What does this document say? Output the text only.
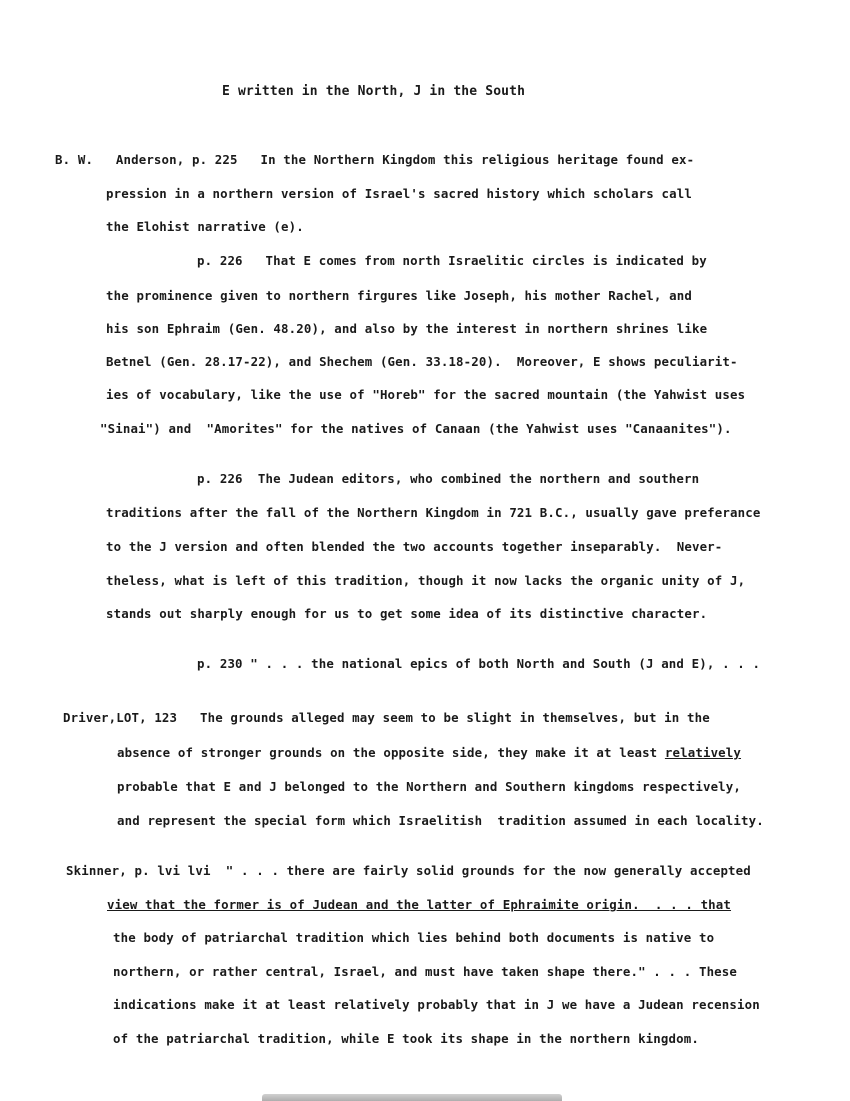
E written in the North, J in the South
B. W.   Anderson, p. 225   In the Northern Kingdom this religious heritage found ex-
pression in a northern version of Israel's sacred history which scholars call
the Elohist narrative (e).
p. 226   That E comes from north Israelitic circles is indicated by
the prominence given to northern firgures like Joseph, his mother Rachel, and
his son Ephraim (Gen. 48.20), and also by the interest in northern shrines like
Betnel (Gen. 28.17-22), and Shechem (Gen. 33.18-20).  Moreover, E shows peculiarit-
ies of vocabulary, like the use of "Horeb" for the sacred mountain (the Yahwist uses
"Sinai") and  "Amorites" for the natives of Canaan (the Yahwist uses "Canaanites").
p. 226  The Judean editors, who combined the northern and southern
traditions after the fall of the Northern Kingdom in 721 B.C., usually gave preferance
to the J version and often blended the two accounts together inseparably.  Never-
theless, what is left of this tradition, though it now lacks the organic unity of J,
stands out sharply enough for us to get some idea of its distinctive character.
p. 230 " . . . the national epics of both North and South (J and E), . . .
Driver,LOT, 123   The grounds alleged may seem to be slight in themselves, but in the
absence of stronger grounds on the opposite side, they make it at least relatively
probable that E and J belonged to the Northern and Southern kingdoms respectively,
and represent the special form which Israelitish  tradition assumed in each locality.
Skinner, p. lvi lvi  " . . . there are fairly solid grounds for the now generally accepted
view that the former is of Judean and the latter of Ephraimite origin.  . . . that
the body of patriarchal tradition which lies behind both documents is native to
northern, or rather central, Israel, and must have taken shape there." . . . These
indications make it at least relatively probably that in J we have a Judean recension
of the patriarchal tradition, while E took its shape in the northern kingdom.
